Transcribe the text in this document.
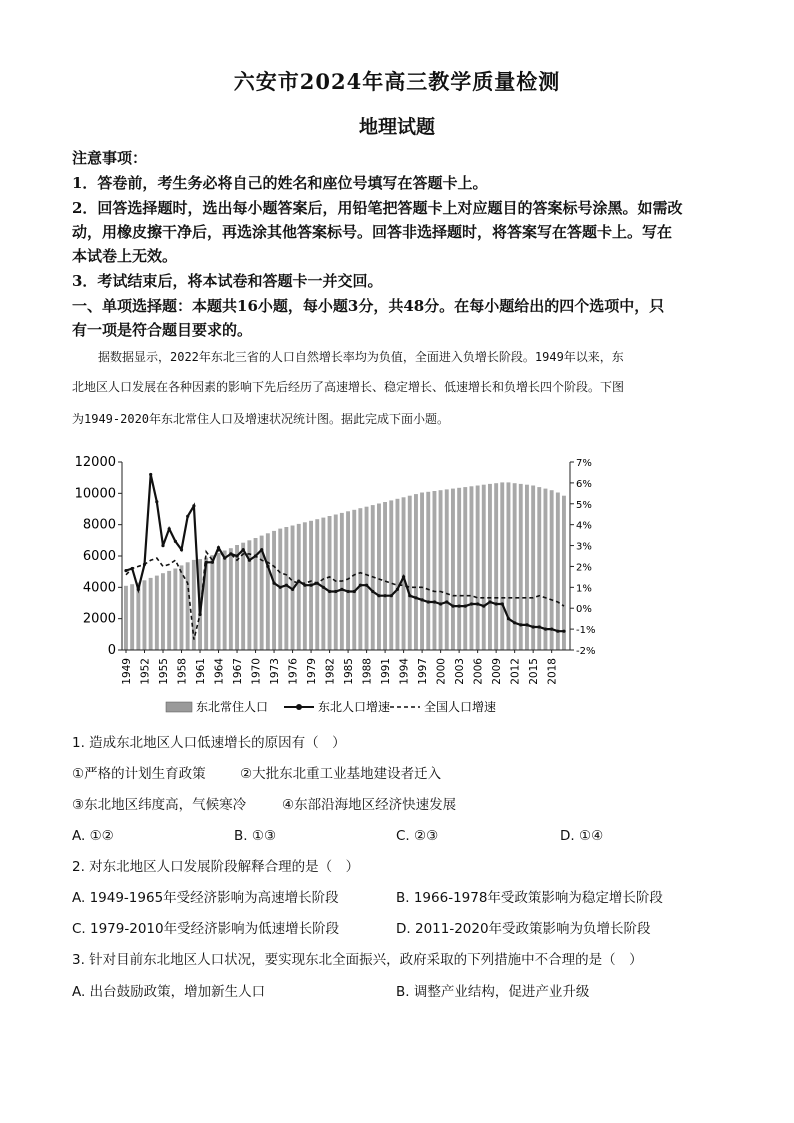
六安市2024年高三教学质量检测
地理试题
注意事项：
1．答卷前，考生务必将自己的姓名和座位号填写在答题卡上。
2．回答选择题时，选出每小题答案后，用铅笔把答题卡上对应题目的答案标号涂黑。如需改
动，用橡皮擦干净后，再选涂其他答案标号。回答非选择题时，将答案写在答题卡上。写在
本试卷上无效。
3．考试结束后，将本试卷和答题卡一并交回。
一、单项选择题：本题共16小题，每小题3分，共48分。在每小题给出的四个选项中，只
有一项是符合题目要求的。
据数据显示，2022年东北三省的人口自然增长率均为负值，全面进入负增长阶段。1949年以来，东
北地区人口发展在各种因素的影响下先后经历了高速增长、稳定增长、低速增长和负增长四个阶段。下图
为1949-2020年东北常住人口及增速状况统计图。据此完成下面小题。
0
2000
4000
6000
8000
10000
12000
-2%
-1%
0%
1%
2%
3%
4%
5%
6%
7%
1949 1952 1955 1958 1961 1964 1967 1970 1973 1976 1979 1982 1985 1988 1991 1994 1997 2000 2003 2006 2009 2012 2015 2018
东北常住人口	东北人口增速	全国人口增速
1. 造成东北地区人口低速增长的原因有（　）
①严格的计划生育政策	②大批东北重工业基地建设者迁入
③东北地区纬度高，气候寒冷	④东部沿海地区经济快速发展
A. ①②	B. ①③	C. ②③	D. ①④
2. 对东北地区人口发展阶段解释合理的是（　）
A. 1949-1965年受经济影响为高速增长阶段	B. 1966-1978年受政策影响为稳定增长阶段
C. 1979-2010年受经济影响为低速增长阶段	D. 2011-2020年受政策影响为负增长阶段
3. 针对目前东北地区人口状况，要实现东北全面振兴，政府采取的下列措施中不合理的是（　）
A. 出台鼓励政策，增加新生人口	B. 调整产业结构，促进产业升级
